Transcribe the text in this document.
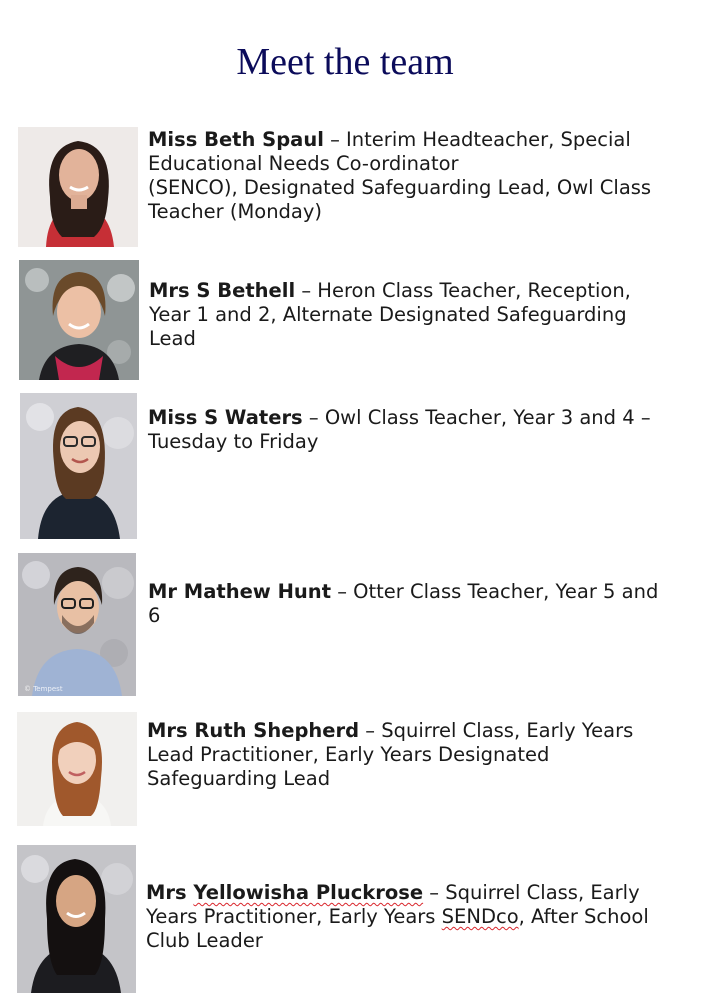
Meet the team
Miss Beth Spaul – Interim Headteacher, Special
Educational Needs Co-ordinator
(SENCO), Designated Safeguarding Lead, Owl Class
Teacher (Monday)
Mrs S Bethell – Heron Class Teacher, Reception,
Year 1 and 2, Alternate Designated Safeguarding
Lead
Miss S Waters – Owl Class Teacher, Year 3 and 4 –
Tuesday to Friday
© Tempest
Mr Mathew Hunt – Otter Class Teacher, Year 5 and
6
Mrs Ruth Shepherd – Squirrel Class, Early Years
Lead Practitioner, Early Years Designated
Safeguarding Lead
Mrs Yellowisha Pluckrose – Squirrel Class, Early
Years Practitioner, Early Years SENDco, After School
Club Leader
